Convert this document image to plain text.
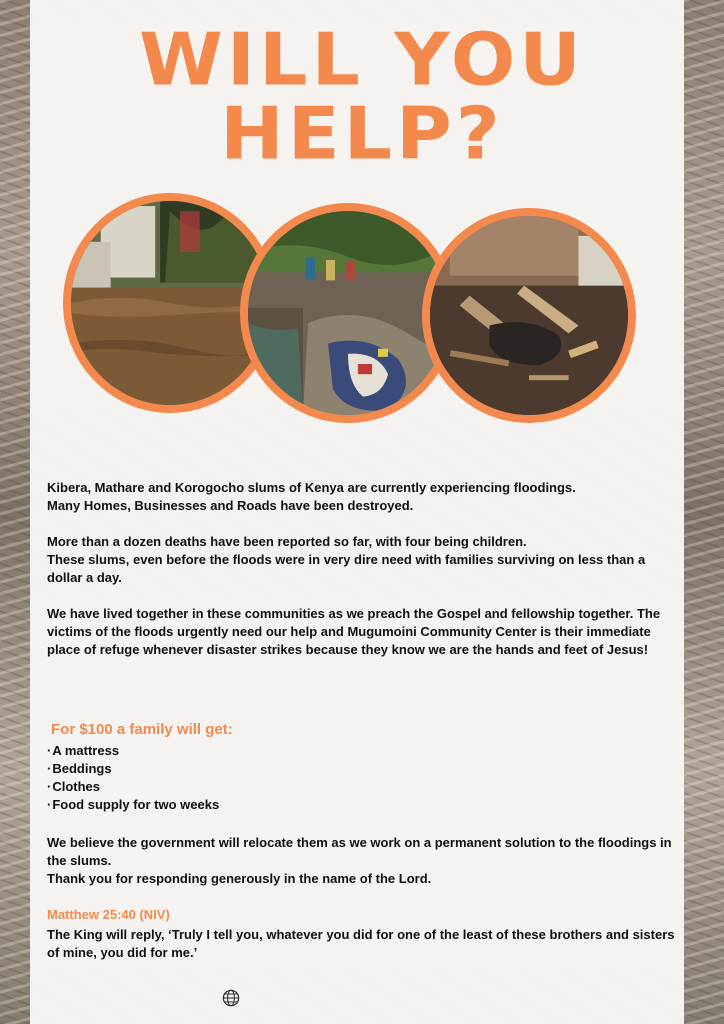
WILL YOU
HELP?

Kibera, Mathare and Korogocho slums of Kenya are currently experiencing floodings.

Many Homes, Businesses and Roads have been destroyed.

More than a dozen deaths have been reported so far, with four being children.

These slums, even before the floods were in very dire need with families surviving on less than a dollar a day.

We have lived together in these communities as we preach the Gospel and fellowship together. The victims of the floods urgently need our help and Mugumoini Community Center is their immediate place of refuge whenever disaster strikes because they know we are the hands and feet of Jesus!

For $100 a family will get:
· A mattress
· Beddings
· Clothes
· Food supply for two weeks

We believe the government will relocate them as we work on a permanent solution to the floodings in the slums.

Thank you for responding generously in the name of the Lord.

Matthew 25:40 (NIV)

The King will reply, ‘Truly I tell you, whatever you did for one of the least of these brothers and sisters of mine, you did for me.’
